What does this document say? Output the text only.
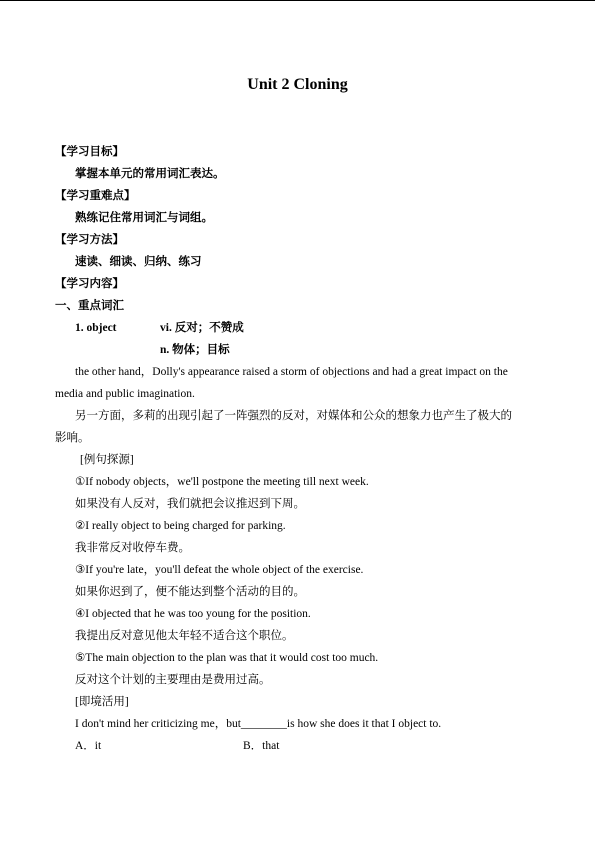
Unit 2 Cloning
【学习目标】
掌握本单元的常用词汇表达。
【学习重难点】
熟练记住常用词汇与词组。
【学习方法】
速读、细读、归纳、练习
【学习内容】
一、重点词汇
1. object	vi. 反对；不赞成
n. 物体；目标
the other hand，Dolly's appearance raised a storm of objections and had a great impact on the
media and public imagination.
另一方面，多莉的出现引起了一阵强烈的反对，对媒体和公众的想象力也产生了极大的
影响。
[例句探源]
①If nobody objects，we'll postpone the meeting till next week.
如果没有人反对，我们就把会议推迟到下周。
②I really object to being charged for parking.
我非常反对收停车费。
③If you're late，you'll defeat the whole object of the exercise.
如果你迟到了，便不能达到整个活动的目的。
④I objected that he was too young for the position.
我提出反对意见他太年轻不适合这个职位。
⑤The main objection to the plan was that it would cost too much.
反对这个计划的主要理由是费用过高。
[即境活用]
I don't mind her criticizing me，but________is how she does it that I object to.
A．it	B．that
